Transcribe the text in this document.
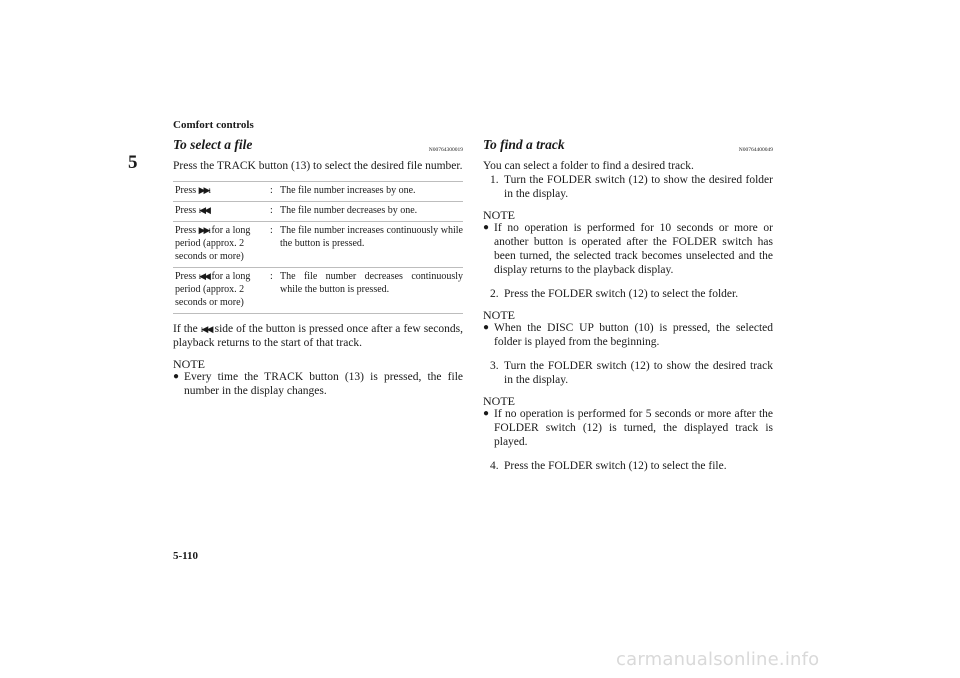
Comfort controls
5
To select a file	N00764300019
Press the TRACK button (13) to select the desired file number.
Press ▶▶ı	:	The file number increases by one.
Press ı◀◀	:	The file number decreases by one.
Press ▶▶ı for a long period (approx. 2 seconds or more)	:	The file number increases continuously while the button is pressed.
Press ı◀◀ for a long period (approx. 2 seconds or more)	:	The file number decreases continuously while the button is pressed.
If the ı◀◀ side of the button is pressed once after a few seconds, playback returns to the start of that track.
NOTE
● Every time the TRACK button (13) is pressed, the file number in the display changes.
To find a track	N00764400049
You can select a folder to find a desired track.
1. Turn the FOLDER switch (12) to show the desired folder in the display.
NOTE
● If no operation is performed for 10 seconds or more or another button is operated after the FOLDER switch has been turned, the selected track becomes unselected and the display returns to the playback display.
2. Press the FOLDER switch (12) to select the folder.
NOTE
● When the DISC UP button (10) is pressed, the selected folder is played from the beginning.
3. Turn the FOLDER switch (12) to show the desired track in the display.
NOTE
● If no operation is performed for 5 seconds or more after the FOLDER switch (12) is turned, the displayed track is played.
4. Press the FOLDER switch (12) to select the file.
5-110
carmanualsonline.info
